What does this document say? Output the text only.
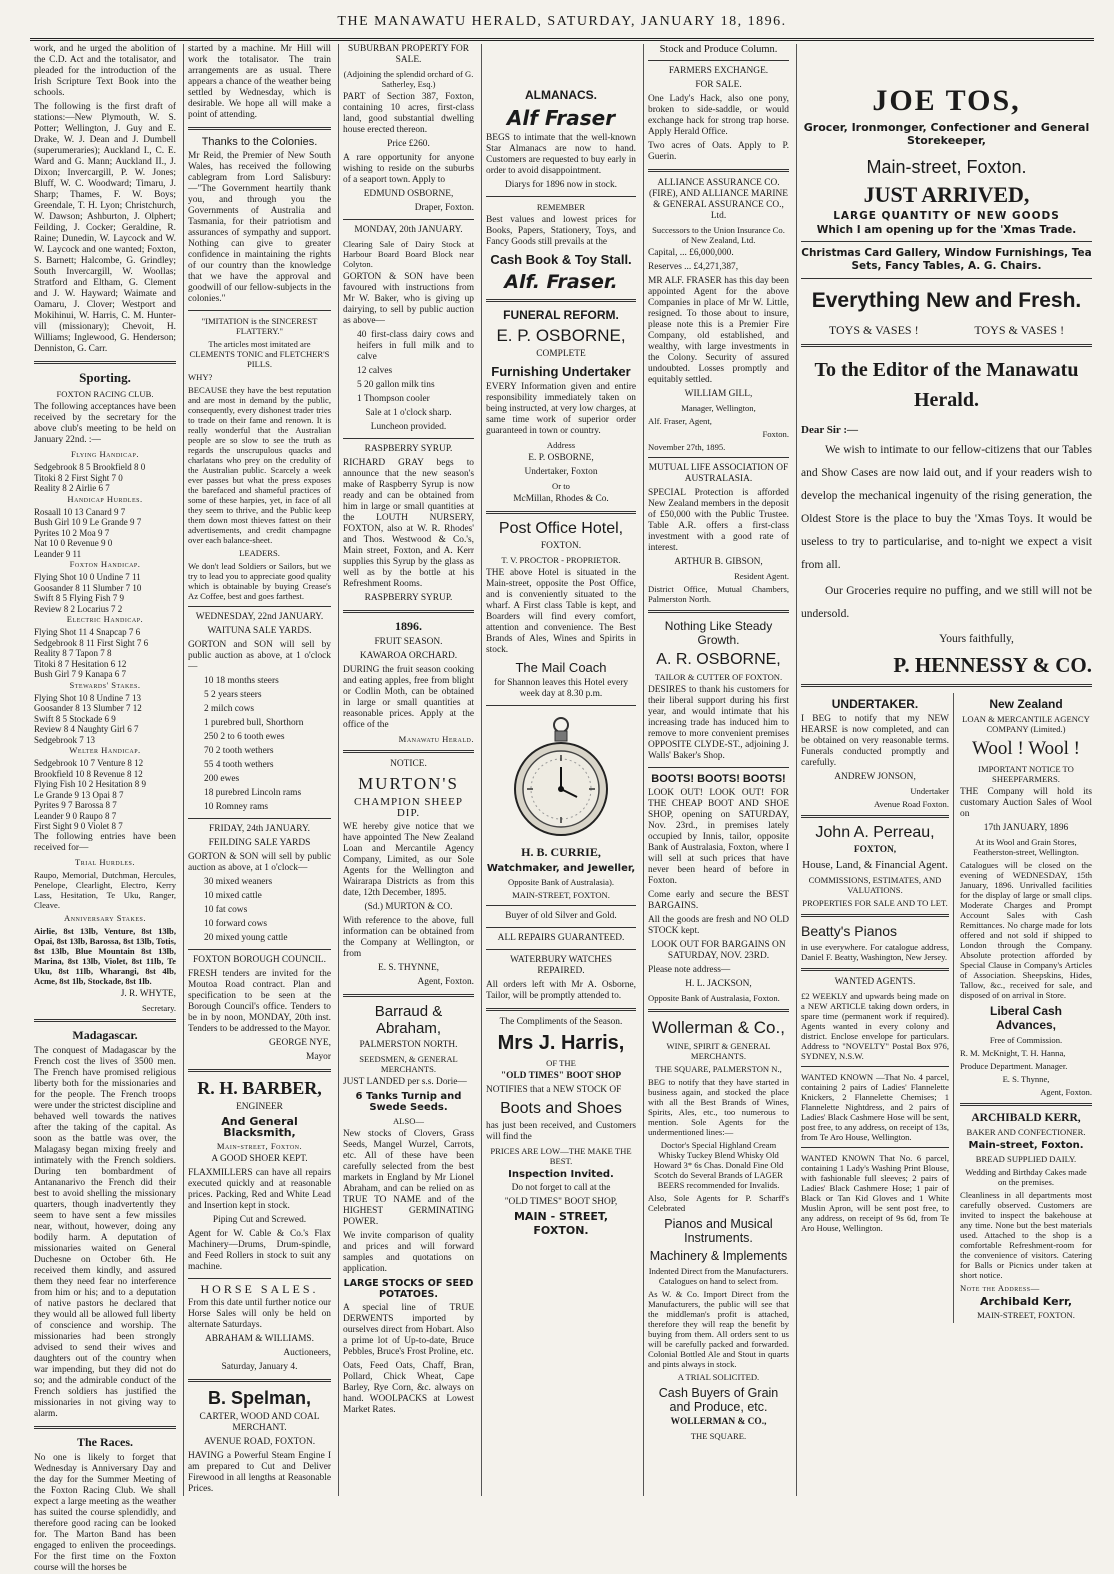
THE MANAWATU HERALD, SATURDAY, JANUARY 18, 1896.

work, and he urged the abolition of the C.D. Act and the totalisator, and pleaded for the introduction of the Irish Scripture Text Book into the schools.

The following is the first draft of stations:—New Plymouth, W. S. Potter; Wellington, J. Guy and E. Drake, W. J. Dean and J. Dumbell (superumeraries); Auckland I., C. E. Ward and G. Mann; Auckland II., J. Dixon; Invercargill, P. W. Jones; Bluff, W. C. Woodward; Timaru, J. Sharp; Thames, F. W. Boys; Greendale, T. H. Lyon; Christchurch, W. Dawson; Ashburton, J. Olphert; Feilding, J. Cocker; Geraldine, R. Raine; Dunedin, W. Laycock and W. W. Laycock and one wanted; Foxton, S. Barnett; Halcombe, G. Grindley; South Invercargill, W. Woollas; Stratford and Eltham, G. Clement and J. W. Hayward; Waimate and Oamaru, J. Clover; Westport and Mokihinui, W. Harris, C. M. Hunter-vill (missionary); Chevoit, H. Williams; Inglewood, G. Henderson; Denniston, G. Carr.

Sporting.

FOXTON RACING CLUB.

The following acceptances have been received by the secretary for the above club's meeting to be held on January 22nd. :—

Flying Handicap.

Sedgebrook 8 5 Brookfield 8 0
Titoki 8 2 First Sight 7 0
Reality 8 2 Airlie 6 7

Handicap Hurdles.

Rosaall 10 13 Canard 9 7
Bush Girl 10 9 Le Grande 9 7
Pyrites 10 2 Moa 9 7
Nat 10 0 Revenue 9 0
Leander 9 11

Foxton Handicap.

Flying Shot 10 0 Undine 7 11
Goosander 8 11 Slumber 7 10
Swift 8 5 Flying Fish 7 9
Review 8 2 Locarius 7 2

Electric Handicap.

Flying Shot 11 4 Snapcap 7 6
Sedgebrook 8 11 First Sight 7 6
Reality 8 7 Tapon 7 8
Titoki 8 7 Hesitation 6 12
Bush Girl 7 9 Kanapa 6 7

Stewards' Stakes.

Flying Shot 10 8 Undine 7 13
Goosander 8 13 Slumber 7 12
Swift 8 5 Stockade 6 9
Review 8 4 Naughty Girl 6 7
Sedgebrook 7 13

Welter Handicap.

Sedgebrook 10 7 Venture 8 12
Brookfield 10 8 Revenue 8 12
Flying Fish 10 2 Hesitation 8 9
Le Grande 9 13 Opai 8 7
Pyrites 9 7 Barossa 8 7
Leander 9 0 Raupo 8 7
First Sight 9 0 Violet 8 7

The following entries have been received for—

Trial Hurdles.

Raupo, Memorial, Dutchman, Hercules, Penelope, Clearlight, Electro, Kerry Lass, Hesitation, Te Uku, Ranger, Cleave.

Anniversary Stakes.

Airlie, 8st 13lb, Venture, 8st 13lb, Opai, 8st 13lb, Barossa, 8st 13lb, Totis, 8st 13lb, Blue Mountain 8st 13lb, Marina, 8st 13lb, Violet, 8st 11lb, Te Uku, 8st 11lb, Wharangi, 8st 4lb, Acme, 8st 1lb, Stockade, 8st 1lb.

J. R. WHYTE,

Secretary.

Madagascar.

The conquest of Madagascar by the French cost the lives of 3500 men. The French have promised religious liberty both for the missionaries and for the people. The French troops were under the strictest discipline and behaved well towards the natives after the taking of the capital. As soon as the battle was over, the Malagasy began mixing freely and intimately with the French soldiers. During ten bombardment of Antananarivo the French did their best to avoid shelling the missionary quarters, though inadvertently they seem to have sent a few missiles near, without, however, doing any bodily harm. A deputation of missionaries waited on General Duchesne on October 6th. He received them kindly, and assured them they need fear no interference from him or his; and to a deputation of native pastors he declared that they would all be allowed full liberty of conscience and worship. The missionaries had been strongly advised to send their wives and daughters out of the country when war impending, but they did not do so; and the admirable conduct of the French soldiers has justified the missionaries in not giving way to alarm.

The Races.

No one is likely to forget that Wednesday is Anniversary Day and the day for the Summer Meeting of the Foxton Racing Club. We shall expect a large meeting as the weather has suited the course splendidly, and therefore good racing can be looked for. The Marton Band has been engaged to enliven the proceedings. For the first time on the Foxton course will the horses be

started by a machine. Mr Hill will work the totalisator. The train arrangements are as usual. There appears a chance of the weather being settled by Wednesday, which is desirable. We hope all will make a point of attending.

Thanks to the Colonies.

Mr Reid, the Premier of New South Wales, has received the following cablegram from Lord Salisbury:—"The Government heartily thank you, and through you the Governments of Australia and Tasmania, for their patriotism and assurances of sympathy and support. Nothing can give to greater confidence in maintaining the rights of our country than the knowledge that we have the approval and goodwill of our fellow-subjects in the colonies."

"IMITATION is the SINCEREST FLATTERY."

The articles most imitated are CLEMENTS TONIC and FLETCHER'S PILLS.

WHY?

BECAUSE they have the best reputation and are most in demand by the public, consequently, every dishonest trader tries to trade on their fame and renown. It is really wonderful that the Australian people are so slow to see the truth as regards the unscrupulous quacks and charlatans who prey on the credulity of the Australian public. Scarcely a week ever passes but what the press exposes the barefaced and shameful practices of some of these harpies, yet, in face of all they seem to thrive, and the Public keep them down most thieves fattest on their advertisements, and credit champagne over each balance-sheet.

LEADERS.

We don't lead Soldiers or Sailors, but we try to lead you to appreciate good quality which is obtainable by buying Crease's Az Coffee, best and goes farthest.

WEDNESDAY, 22nd JANUARY.

WAITUNA SALE YARDS.

GORTON and SON will sell by public auction as above, at 1 o'clock—

10 18 months steers

5 2 years steers

2 milch cows

1 purebred bull, Shorthorn

250 2 to 6 tooth ewes

70 2 tooth wethers

55 4 tooth wethers

200 ewes

18 purebred Lincoln rams

10 Romney rams

FRIDAY, 24th JANUARY.

FEILDING SALE YARDS

GORTON & SON will sell by public auction as above, at 1 o'clock—

30 mixed weaners

10 mixed cattle

10 fat cows

10 forward cows

20 mixed young cattle

FOXTON BOROUGH COUNCIL.

FRESH tenders are invited for the Moutoa Road contract. Plan and specification to be seen at the Borough Council's office. Tenders to be in by noon, MONDAY, 20th inst. Tenders to be addressed to the Mayor.

GEORGE NYE,

Mayor

R. H. BARBER,

ENGINEER

And General Blacksmith,

Main-street, Foxton.

A GOOD SHOER KEPT.

FLAXMILLERS can have all repairs executed quickly and at reasonable prices. Packing, Red and White Lead and Insertion kept in stock.

Piping Cut and Screwed.

Agent for W. Cable & Co.'s Flax Machinery—Drums, Drum-spindle, and Feed Rollers in stock to suit any machine.

HORSE SALES.

From this date until further notice our Horse Sales will only be held on alternate Saturdays.

ABRAHAM & WILLIAMS.

Auctioneers,

Saturday, January 4.

B. Spelman,

CARTER, WOOD AND COAL MERCHANT.

AVENUE ROAD, FOXTON.

HAVING a Powerful Steam Engine I am prepared to Cut and Deliver Firewood in all lengths at Reasonable Prices.

SUBURBAN PROPERTY FOR SALE.

(Adjoining the splendid orchard of G. Satherley, Esq.)

PART of Section 387, Foxton, containing 10 acres, first-class land, good substantial dwelling house erected thereon.

Price £260.

A rare opportunity for anyone wishing to reside on the suburbs of a seaport town. Apply to

EDMUND OSBORNE,

Draper, Foxton.

MONDAY, 20th JANUARY.

Clearing Sale of Dairy Stock at Harbour Board Board Block near Colyton.

GORTON & SON have been favoured with instructions from Mr W. Baker, who is giving up dairying, to sell by public auction as above—

40 first-class dairy cows and heifers in full milk and to calve

12 calves

5 20 gallon milk tins

1 Thompson cooler

Sale at 1 o'clock sharp.

Luncheon provided.

RASPBERRY SYRUP.

RICHARD GRAY begs to announce that the new season's make of Raspberry Syrup is now ready and can be obtained from him in large or small quantities at the LOUTH NURSERY, FOXTON, also at W. R. Rhodes' and Thos. Westwood & Co.'s, Main street, Foxton, and A. Kerr supplies this Syrup by the glass as well as by the bottle at his Refreshment Rooms.

RASPBERRY SYRUP.

1896.

FRUIT SEASON.

KAWAROA ORCHARD.

DURING the fruit season cooking and eating apples, free from blight or Codlin Moth, can be obtained in large or small quantities at reasonable prices. Apply at the office of the

Manawatu Herald.

NOTICE.

MURTON'S

CHAMPION SHEEP DIP.

WE hereby give notice that we have appointed The New Zealand Loan and Mercantile Agency Company, Limited, as our Sole Agents for the Wellington and Wairarapa Districts as from this date, 12th December, 1895.

(Sd.) MURTON & CO.

With reference to the above, full information can be obtained from the Company at Wellington, or from

E. S. THYNNE,

Agent, Foxton.

Barraud & Abraham,

PALMERSTON NORTH.

SEEDSMEN, & GENERAL MERCHANTS.

JUST LANDED per s.s. Dorie—

6 Tanks Turnip and Swede Seeds.

ALSO—

New stocks of Clovers, Grass Seeds, Mangel Wurzel, Carrots, etc. All of these have been carefully selected from the best markets in England by Mr Lionel Abraham, and can be relied on as TRUE TO NAME and of the HIGHEST GERMINATING POWER.

We invite comparison of quality and prices and will forward samples and quotations on application.

LARGE STOCKS OF SEED POTATOES.

A special line of TRUE DERWENTS imported by ourselves direct from Hobart. Also a prime lot of Up-to-date, Bruce Pebbles, Bruce's Frost Proline, etc.

Oats, Feed Oats, Chaff, Bran, Pollard, Chick Wheat, Cape Barley, Rye Corn, &c. always on hand. WOOLPACKS at Lowest Market Rates.

ALMANACS.
Alf Fraser

BEGS to intimate that the well-known Star Almanacs are now to hand. Customers are requested to buy early in order to avoid disappointment.

Diarys for 1896 now in stock.

REMEMBER

Best values and lowest prices for Books, Papers, Stationery, Toys, and Fancy Goods still prevails at the

Cash Book & Toy Stall.
Alf. Fraser.
FUNERAL REFORM.
E. P. OSBORNE,

COMPLETE

Furnishing Undertaker

EVERY Information given and entire responsibility immediately taken on being instructed, at very low charges, at same time work of superior order guaranteed in town or country.

Address

E. P. OSBORNE,

Undertaker, Foxton

Or to

McMillan, Rhodes & Co.

Post Office Hotel,

FOXTON.

T. V. PROCTOR - PROPRIETOR.

THE above Hotel is situated in the Main-street, opposite the Post Office, and is conveniently situated to the wharf. A First class Table is kept, and Boarders will find every comfort, attention and convenience. The Best Brands of Ales, Wines and Spirits in stock.

The Mail Coach

for Shannon leaves this Hotel every week day at 8.30 p.m.

H. B. CURRIE,

Watchmaker, and Jeweller,

Opposite Bank of Australasia).

MAIN-STREET, FOXTON.

Buyer of old Silver and Gold.

ALL REPAIRS GUARANTEED.

WATERBURY WATCHES REPAIRED.

All orders left with Mr A. Osborne, Tailor, will be promptly attended to.

The Compliments of the Season.

Mrs J. Harris,

OF THE

"OLD TIMES" BOOT SHOP

NOTIFIES that a NEW STOCK OF

Boots and Shoes

has just been received, and Customers will find the

PRICES ARE LOW—THE MAKE THE BEST.

Inspection Invited.

Do not forget to call at the

"OLD TIMES" BOOT SHOP,

MAIN - STREET,

FOXTON.

Stock and Produce Column.

FARMERS EXCHANGE.

FOR SALE.

One Lady's Hack, also one pony, broken to side-saddle, or would exchange hack for strong trap horse. Apply Herald Office.

Two acres of Oats. Apply to P. Guerin.

ALLIANCE ASSURANCE CO. (FIRE), AND ALLIANCE MARINE & GENERAL ASSURANCE CO., Ltd.

Successors to the Union Insurance Co. of New Zealand, Ltd.

Capital, ... £6,000,000.

Reserves ... £4,271,387,

MR ALF. FRASER has this day been appointed Agent for the above Companies in place of Mr W. Little, resigned. To those about to insure, please note this is a Premier Fire Company, old established, and wealthy, with large investments in the Colony. Security of assured undoubted. Losses promptly and equitably settled.

WILLIAM GILL,

Manager, Wellington,

Alf. Fraser, Agent,

Foxton.

November 27th, 1895.

MUTUAL LIFE ASSOCIATION OF AUSTRALASIA.

SPECIAL Protection is afforded New Zealand members in the deposit of £50,000 with the Public Trustee. Table A.R. offers a first-class investment with a good rate of interest.

ARTHUR B. GIBSON,

Resident Agent.

District Office, Mutual Chambers, Palmerston North.

Nothing Like Steady Growth.
A. R. OSBORNE,

TAILOR & CUTTER OF FOXTON.

DESIRES to thank his customers for their liberal support during his first year, and would intimate that his increasing trade has induced him to remove to more convenient premises OPPOSITE CLYDE-ST., adjoining J. Walls' Baker's Shop.

BOOTS! BOOTS! BOOTS!

LOOK OUT! LOOK OUT! FOR THE CHEAP BOOT AND SHOE SHOP, opening on SATURDAY, Nov. 23rd., in premises lately occupied by Innis, tailor, opposite Bank of Australasia, Foxton, where I will sell at such prices that have never been heard of before in Foxton.

Come early and secure the BEST BARGAINS.

All the goods are fresh and NO OLD STOCK kept.

LOOK OUT FOR BARGAINS ON SATURDAY, NOV. 23RD.

Please note address—

H. L. JACKSON,

Opposite Bank of Australasia, Foxton.

Wollerman & Co.,

WINE, SPIRIT & GENERAL MERCHANTS.

THE SQUARE, PALMERSTON N.,

BEG to notify that they have started in business again, and stocked the place with all the Best Brands of Wines, Spirits, Ales, etc., too numerous to mention. Sole Agents for the undermentioned lines:—

Doctor's Special Highland Cream Whisky Tuckey Blend Whisky Old Howard 3* 6s Chas. Donald Fine Old Scotch do Several Brands of LAGER BEERS recommended for Invalids.

Also, Sole Agents for P. Scharff's Celebrated

Pianos and Musical Instruments.
Machinery & Implements

Indented Direct from the Manufacturers. Catalogues on hand to select from.

As W. & Co. Import Direct from the Manufacturers, the public will see that the middleman's profit is attached, therefore they will reap the benefit by buying from them. All orders sent to us will be carefully packed and forwarded. Colonial Bottled Ale and Stout in quarts and pints always in stock.

A TRIAL SOLICITED.

Cash Buyers of Grain and Produce, etc.

WOLLERMAN & CO.,

THE SQUARE.

JOE TOS,

Grocer, Ironmonger, Confectioner and General Storekeeper,

Main-street, Foxton.
JUST ARRIVED,

LARGE QUANTITY OF NEW GOODS

Which I am opening up for the 'Xmas Trade.

Christmas Card Gallery, Window Furnishings, Tea Sets, Fancy Tables, A. G. Chairs.

Everything New and Fresh.
TOYS & VASES !	TOYS & VASES !
To the Editor of the Manawatu Herald.

Dear Sir :—

We wish to intimate to our fellow-citizens that our Tables and Show Cases are now laid out, and if your readers wish to develop the mechanical ingenuity of the rising generation, the Oldest Store is the place to buy the 'Xmas Toys. It would be useless to try to particularise, and to-night we expect a visit from all.

Our Groceries require no puffing, and we still will not be undersold.

Yours faithfully,

P. HENNESSY & CO.
UNDERTAKER.

I BEG to notify that my NEW HEARSE is now completed, and can be obtained on very reasonable terms. Funerals conducted promptly and carefully.

ANDREW JONSON,

Undertaker

Avenue Road Foxton.

John A. Perreau,

FOXTON,

House, Land, & Financial Agent.

COMMISSIONS, ESTIMATES, AND VALUATIONS.

PROPERTIES FOR SALE AND TO LET.

Beatty's Pianos

in use everywhere. For catalogue address, Daniel F. Beatty, Washington, New Jersey.

WANTED AGENTS.

£2 WEEKLY and upwards being made on a NEW ARTICLE taking down orders, in spare time (permanent work if required). Agents wanted in every colony and district. Enclose envelope for particulars. Address to "NOVELTY" Postal Box 976, SYDNEY, N.S.W.

WANTED KNOWN —That No. 4 parcel, containing 2 pairs of Ladies' Flannelette Knickers, 2 Flannelette Chemises; 1 Flannelette Nightdress, and 2 pairs of Ladies' Black Cashmere Hose will be sent, post free, to any address, on receipt of 13s, from Te Aro House, Wellington.

WANTED KNOWN That No. 6 parcel, containing 1 Lady's Washing Print Blouse, with fashionable full sleeves; 2 pairs of Ladies' Black Cashmere Hose; 1 pair of Black or Tan Kid Gloves and 1 White Muslin Apron, will be sent post free, to any address, on receipt of 9s 6d, from Te Aro House, Wellington.

New Zealand

LOAN & MERCANTILE AGENCY COMPANY (Limited.)

Wool ! Wool !

IMPORTANT NOTICE TO SHEEPFARMERS.

THE Company will hold its customary Auction Sales of Wool on

17th JANUARY, 1896

At its Wool and Grain Stores, Featherston-street, Wellington.

Catalogues will be closed on the evening of WEDNESDAY, 15th January, 1896. Unrivalled facilities for the display of large or small clips. Moderate Charges and Prompt Account Sales with Cash Remittances. No charge made for lots offered and not sold if shipped to London through the Company. Absolute protection afforded by Special Clause in Company's Articles of Association. Sheepskins, Hides, Tallow, &c., received for sale, and disposed of on arrival in Store.

Liberal Cash Advances,

Free of Commission.

R. M. McKnight, T. H. Hanna,

Produce Department. Manager.

E. S. Thynne,

Agent, Foxton.

ARCHIBALD KERR,

BAKER AND CONFECTIONER.

Main-street, Foxton.

BREAD SUPPLIED DAILY.

Wedding and Birthday Cakes made on the premises.

Cleanliness in all departments most carefully observed. Customers are invited to inspect the bakehouse at any time. None but the best materials used. Attached to the shop is a comfortable Refreshment-room for the convenience of visitors. Catering for Balls or Picnics under taken at short notice.

Note the Address—

Archibald Kerr,

MAIN-STREET, FOXTON.
